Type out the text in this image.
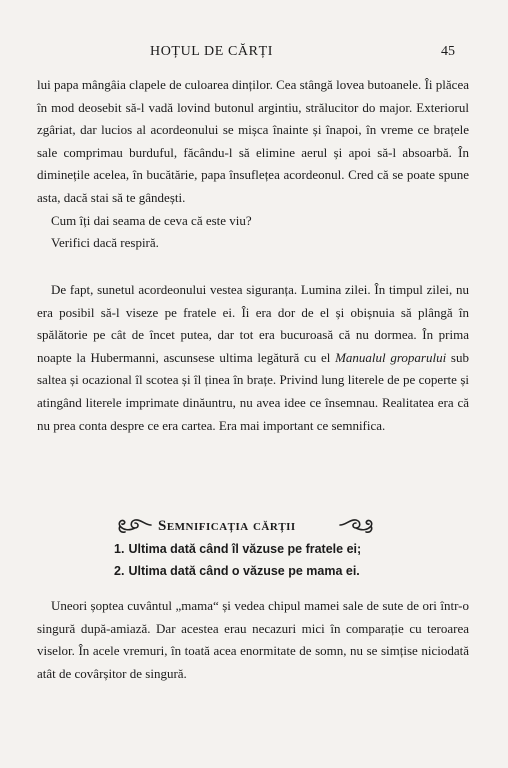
HOȚUL DE CĂRȚI	45

lui papa mângâia clapele de culoarea dinților. Cea stângă lovea butoanele. Îi plăcea în mod deosebit să-l vadă lovind butonul argintiu, strălucitor do major. Exteriorul zgâriat, dar lucios al acordeonului se mișca înainte și înapoi, în vreme ce brațele sale comprimau burduful, făcându-l să elimine aerul și apoi să-l absoarbă. În diminețile acelea, în bucătărie, papa însuflețea acordeonul. Cred că se poate spune asta, dacă stai să te gândești.

Cum îți dai seama de ceva că este viu?

Verifici dacă respiră.

De fapt, sunetul acordeonului vestea siguranța. Lumina zilei. În timpul zilei, nu era posibil să-l viseze pe fratele ei. Îi era dor de el și obișnuia să plângă în spălătorie pe cât de încet putea, dar tot era bucuroasă că nu dormea. În prima noapte la Hubermanni, ascunsese ultima legătură cu el Manualul groparului sub saltea și ocazional îl scotea și îl ținea în brațe. Privind lung literele de pe coperte și atingând literele imprimate dinăuntru, nu avea idee ce însemnau. Realitatea era că nu prea conta despre ce era cartea. Era mai important ce semnifica.

Semnificația cărții
1. Ultima dată când îl văzuse pe fratele ei;
2. Ultima dată când o văzuse pe mama ei.

Uneori șoptea cuvântul „mama“ și vedea chipul mamei sale de sute de ori într-o singură după-amiază. Dar acestea erau necazuri mici în comparație cu teroarea viselor. În acele vremuri, în toată acea enormitate de somn, nu se simțise niciodată atât de covârșitor de singură.
